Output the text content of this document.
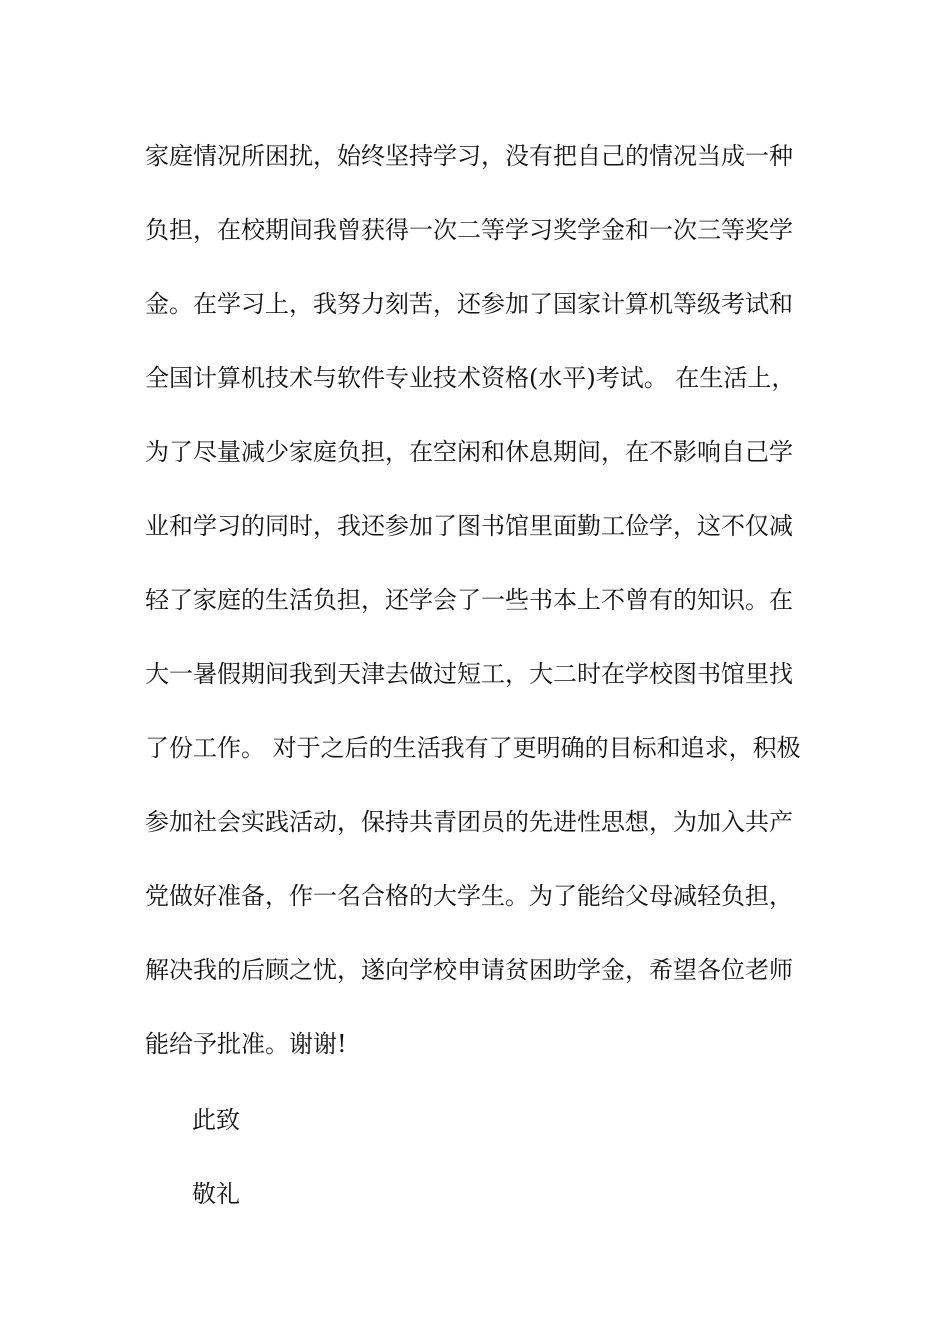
家庭情况所困扰，始终坚持学习，没有把自己的情况当成一种
负担，在校期间我曾获得一次二等学习奖学金和一次三等奖学
金。在学习上，我努力刻苦，还参加了国家计算机等级考试和
全国计算机技术与软件专业技术资格(水平)考试。 在生活上，
为了尽量减少家庭负担，在空闲和休息期间，在不影响自己学
业和学习的同时，我还参加了图书馆里面勤工俭学，这不仅减
轻了家庭的生活负担，还学会了一些书本上不曾有的知识。在
大一暑假期间我到天津去做过短工，大二时在学校图书馆里找
了份工作。 对于之后的生活我有了更明确的目标和追求，积极
参加社会实践活动，保持共青团员的先进性思想，为加入共产
党做好准备，作一名合格的大学生。为了能给父母减轻负担，
解决我的后顾之忧，遂向学校申请贫困助学金，希望各位老师
能给予批准。谢谢!
此致
敬礼
